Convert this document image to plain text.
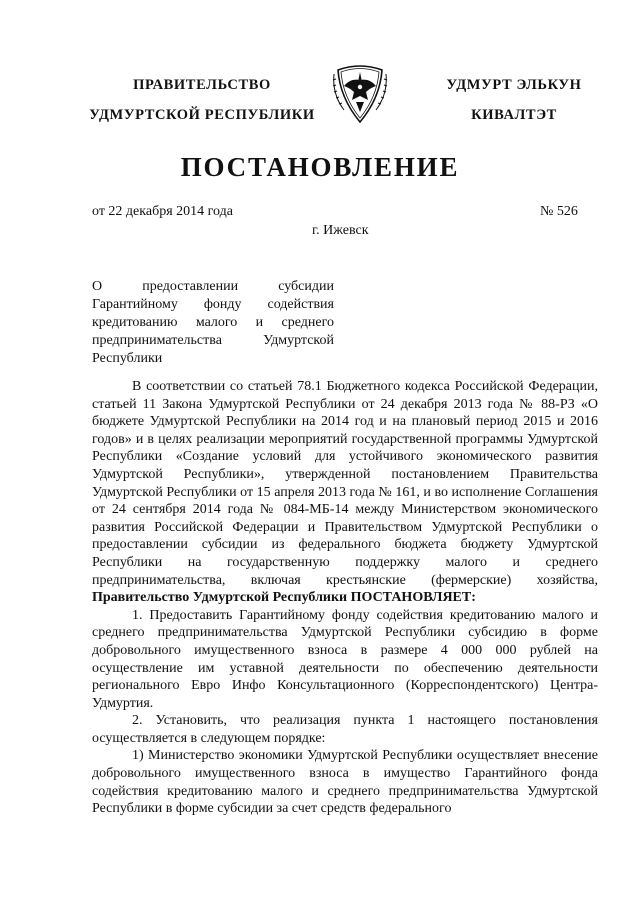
ПРАВИТЕЛЬСТВО
УДМУРТСКОЙ РЕСПУБЛИКИ
УДМУРТ ЭЛЬКУН
КИВАЛТЭТ
ПОСТАНОВЛЕНИЕ
от 22 декабря 2014 года	№ 526
г. Ижевск
О предоставлении субсидии Гарантийному фонду содействия кредитованию малого и среднего предпринимательства Удмуртской Республики

В соответствии со статьей 78.1 Бюджетного кодекса Российской Федерации, статьей 11 Закона Удмуртской Республики от 24 декабря 2013 года № 88-РЗ «О бюджете Удмуртской Республики на 2014 год и на плановый период 2015 и 2016 годов» и в целях реализации мероприятий государственной программы Удмуртской Республики «Создание условий для устойчивого экономического развития Удмуртской Республики», утвержденной постановлением Правительства Удмуртской Республики от 15 апреля 2013 года № 161, и во исполнение Соглашения от 24 сентября 2014 года № 084-МБ-14 между Министерством экономического развития Российской Федерации и Правительством Удмуртской Республики о предоставлении субсидии из федерального бюджета бюджету Удмуртской Республики на государственную поддержку малого и среднего предпринимательства, включая крестьянские (фермерские) хозяйства, Правительство Удмуртской Республики ПОСТАНОВЛЯЕТ:

1. Предоставить Гарантийному фонду содействия кредитованию малого и среднего предпринимательства Удмуртской Республики субсидию в форме добровольного имущественного взноса в размере 4 000 000 рублей на осуществление им уставной деятельности по обеспечению деятельности регионального Евро Инфо Консультационного (Корреспондентского) Центра-Удмуртия.

2. Установить, что реализация пункта 1 настоящего постановления осуществляется в следующем порядке:

1) Министерство экономики Удмуртской Республики осуществляет внесение добровольного имущественного взноса в имущество Гарантийного фонда содействия кредитованию малого и среднего предпринимательства Удмуртской Республики в форме субсидии за счет средств федерального
